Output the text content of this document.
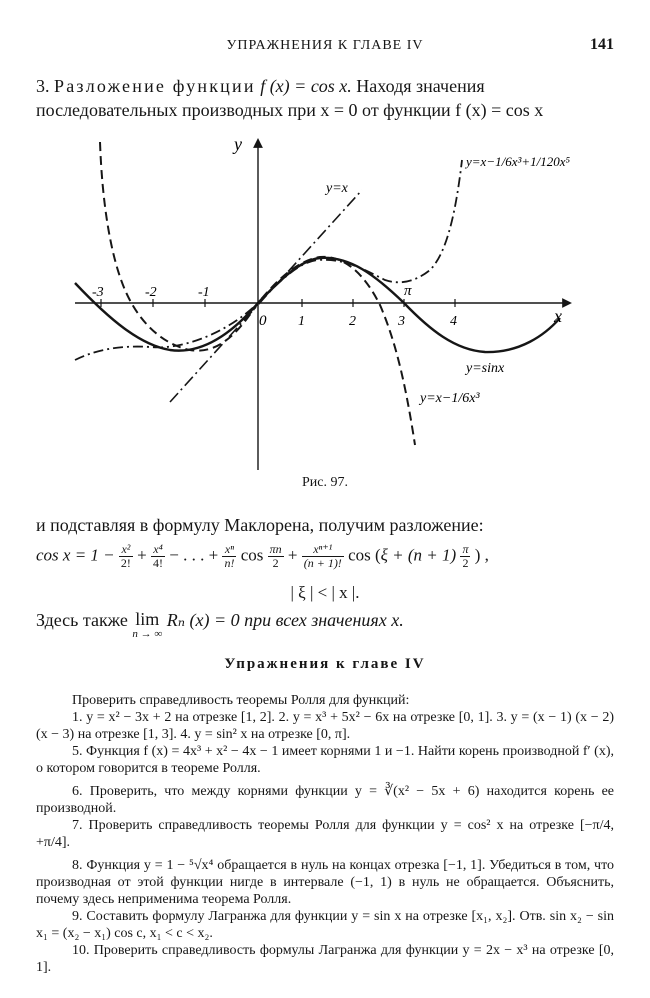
УПРАЖНЕНИЯ К ГЛАВЕ IV	141
3. Разложение функции f (x) = cos x. Находя значения
последовательных производных при x = 0 от функции f (x) = cos x
y
x
0
-3	-2	-1
1	2	3	4
π
y=x
y=x−1/6x³+1/120x⁵
y=sinx
y=x−1/6x³
Рис. 97.
и подставляя в формулу Маклорена, получим разложение:
$\cos x = 1 - \frac{\text{x²}}{2!} + \frac{\text{x⁴}}{4!}$ − . . . + $\frac{\text{xⁿ}}{n!}$ $\cos \frac{\pi n}{2} + \frac{\text{xⁿ⁺¹}}{(n + 1)!}$ $\cos (\xi + (n + 1) \frac{\pi}{2}$ ) ,
| ξ | < | x |.
Здесь также lim
n → ∞
Rₙ (x) = 0 при всех значениях x.
Упражнения к главе IV

Проверить справедливость теоремы Ролля для функций:

1. y = x² − 3x + 2 на отрезке [1, 2]. 2. y = x³ + 5x² − 6x на отрезке [0, 1]. 3. y = (x − 1) (x − 2) (x − 3) на отрезке [1, 3]. 4. y = sin² x на отрезке [0, π].

5. Функция f (x) = 4x³ + x² − 4x − 1 имеет корнями 1 и −1. Найти корень производной f′ (x), о котором говорится в теореме Ролля.

6. Проверить, что между корнями функции y = ∛(x² − 5x + 6) находится корень ее производной.

7. Проверить справедливость теоремы Ролля для функции y = cos² x на отрезке [−π/4, +π/4].

8. Функция y = 1 − ⁵√x⁴ обращается в нуль на концах отрезка [−1, 1]. Убедиться в том, что производная от этой функции нигде в интервале (−1, 1) в нуль не обращается. Объяснить, почему здесь неприменима теорема Ролля.

9. Составить формулу Лагранжа для функции y = sin x на отрезке [x₁, x₂]. Отв. sin x₂ − sin x₁ = (x₂ − x₁) cos c, x₁ < c < x₂.

10. Проверить справедливость формулы Лагранжа для функции y = 2x − x³ на отрезке [0, 1].
